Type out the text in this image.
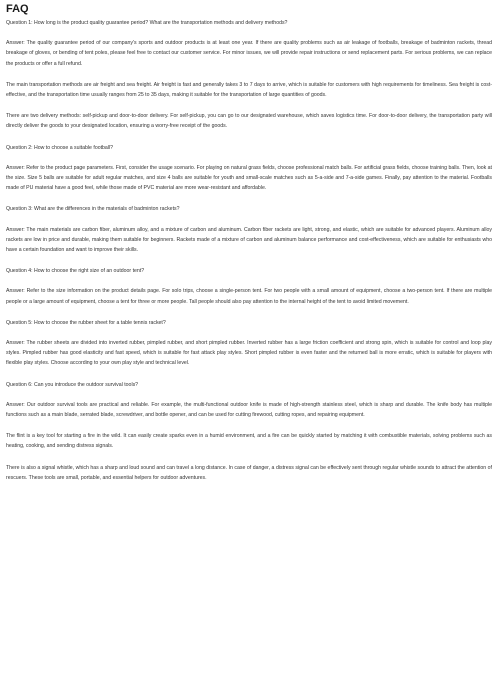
FAQ
Question 1: How long is the product quality guarantee period? What are the transportation methods and delivery methods?
Answer: The quality guarantee period of our company's sports and outdoor products is at least one year. If there are quality problems such as air leakage of footballs, breakage of badminton rackets, thread breakage of gloves, or bending of tent poles, please feel free to contact our customer service. For minor issues, we will provide repair instructions or send replacement parts. For serious problems, we can replace the products or offer a full refund.
The main transportation methods are air freight and sea freight. Air freight is fast and generally takes 3 to 7 days to arrive, which is suitable for customers with high requirements for timeliness. Sea freight is cost-effective, and the transportation time usually ranges from 25 to 35 days, making it suitable for the transportation of large quantities of goods.
There are two delivery methods: self-pickup and door-to-door delivery. For self-pickup, you can go to our designated warehouse, which saves logistics time. For door-to-door delivery, the transportation party will directly deliver the goods to your designated location, ensuring a worry-free receipt of the goods.
Question 2: How to choose a suitable football?
Answer: Refer to the product page parameters. First, consider the usage scenario. For playing on natural grass fields, choose professional match balls. For artificial grass fields, choose training balls. Then, look at the size. Size 5 balls are suitable for adult regular matches, and size 4 balls are suitable for youth and small-scale matches such as 5-a-side and 7-a-side games. Finally, pay attention to the material. Footballs made of PU material have a good feel, while those made of PVC material are more wear-resistant and affordable.
Question 3: What are the differences in the materials of badminton rackets?
Answer: The main materials are carbon fiber, aluminum alloy, and a mixture of carbon and aluminum. Carbon fiber rackets are light, strong, and elastic, which are suitable for advanced players. Aluminum alloy rackets are low in price and durable, making them suitable for beginners. Rackets made of a mixture of carbon and aluminum balance performance and cost-effectiveness, which are suitable for enthusiasts who have a certain foundation and want to improve their skills.
Question 4: How to choose the right size of an outdoor tent?
Answer: Refer to the size information on the product details page. For solo trips, choose a single-person tent. For two people with a small amount of equipment, choose a two-person tent. If there are multiple people or a large amount of equipment, choose a tent for three or more people. Tall people should also pay attention to the internal height of the tent to avoid limited movement.
Question 5: How to choose the rubber sheet for a table tennis racket?
Answer: The rubber sheets are divided into inverted rubber, pimpled rubber, and short pimpled rubber. Inverted rubber has a large friction coefficient and strong spin, which is suitable for control and loop play styles. Pimpled rubber has good elasticity and fast speed, which is suitable for fast attack play styles. Short pimpled rubber is even faster and the returned ball is more erratic, which is suitable for players with flexible play styles. Choose according to your own play style and technical level.
Question 6: Can you introduce the outdoor survival tools?
Answer: Our outdoor survival tools are practical and reliable. For example, the multi-functional outdoor knife is made of high-strength stainless steel, which is sharp and durable. The knife body has multiple functions such as a main blade, serrated blade, screwdriver, and bottle opener, and can be used for cutting firewood, cutting ropes, and repairing equipment.
The flint is a key tool for starting a fire in the wild. It can easily create sparks even in a humid environment, and a fire can be quickly started by matching it with combustible materials, solving problems such as heating, cooking, and sending distress signals.
There is also a signal whistle, which has a sharp and loud sound and can travel a long distance. In case of danger, a distress signal can be effectively sent through regular whistle sounds to attract the attention of rescuers. These tools are small, portable, and essential helpers for outdoor adventures.
